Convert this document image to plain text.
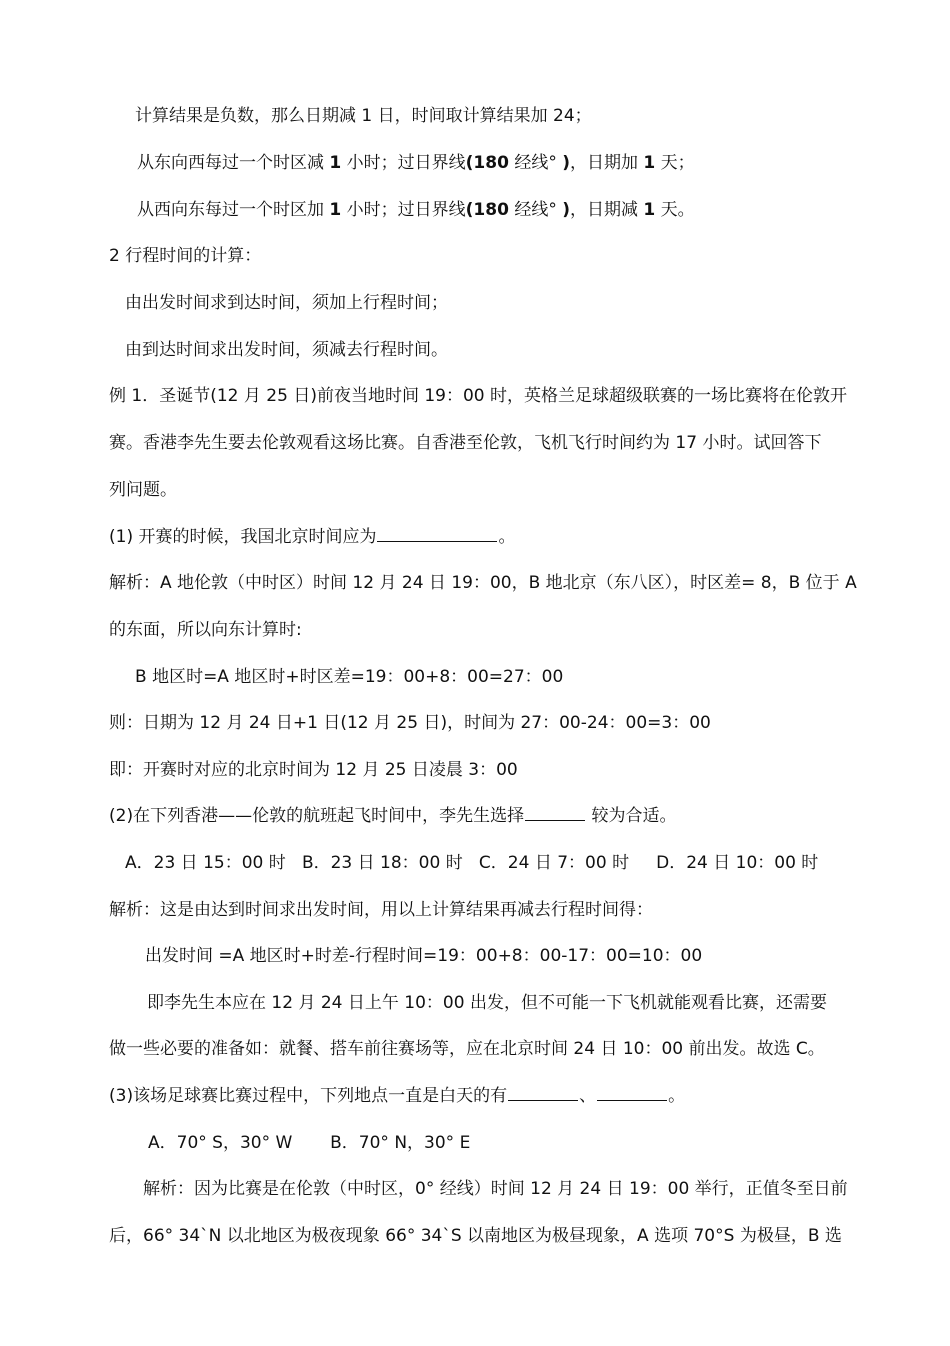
计算结果是负数，那么日期减 1 日，时间取计算结果加 24；
从东向西每过一个时区减 1 小时；过日界线(180 经线° )，日期加 1 天；
从西向东每过一个时区加 1 小时；过日界线(180 经线° )，日期减 1 天。
2 行程时间的计算：
由出发时间求到达时间，须加上行程时间；
由到达时间求出发时间，须减去行程时间。
例 1．圣诞节(12 月 25 日)前夜当地时间 19：00 时，英格兰足球超级联赛的一场比赛将在伦敦开
赛。香港李先生要去伦敦观看这场比赛。自香港至伦敦，飞机飞行时间约为 17 小时。试回答下
列问题。
(1) 开赛的时候，我国北京时间应为	。
解析：A 地伦敦（中时区）时间 12 月 24 日 19：00，B 地北京（东八区），时区差= 8，B 位于 A
的东面，所以向东计算时:
B 地区时=A 地区时+时区差=19：00+8：00=27：00
则：日期为 12 月 24 日+1 日(12 月 25 日)，时间为 27：00-24：00=3：00
即：开赛时对应的北京时间为 12 月 25 日凌晨 3：00
(2)在下列香港——伦敦的航班起飞时间中，李先生选择	较为合适。
A．23 日 15：00 时   B．23 日 18：00 时   C．24 日 7：00 时     D．24 日 10：00 时
解析：这是由达到时间求出发时间，用以上计算结果再减去行程时间得：
出发时间 =A 地区时+时差-行程时间=19：00+8：00-17：00=10：00
即李先生本应在 12 月 24 日上午 10：00 出发，但不可能一下飞机就能观看比赛，还需要
做一些必要的准备如：就餐、搭车前往赛场等，应在北京时间 24 日 10：00 前出发。故选 C。
(3)该场足球赛比赛过程中，下列地点一直是白天的有	、	。
A．70° S，30° W       B．70° N，30° E
解析：因为比赛是在伦敦（中时区，0° 经线）时间 12 月 24 日 19：00 举行，正值冬至日前
后，66° 34`N 以北地区为极夜现象 66° 34`S 以南地区为极昼现象，A 选项 70°S 为极昼，B 选
